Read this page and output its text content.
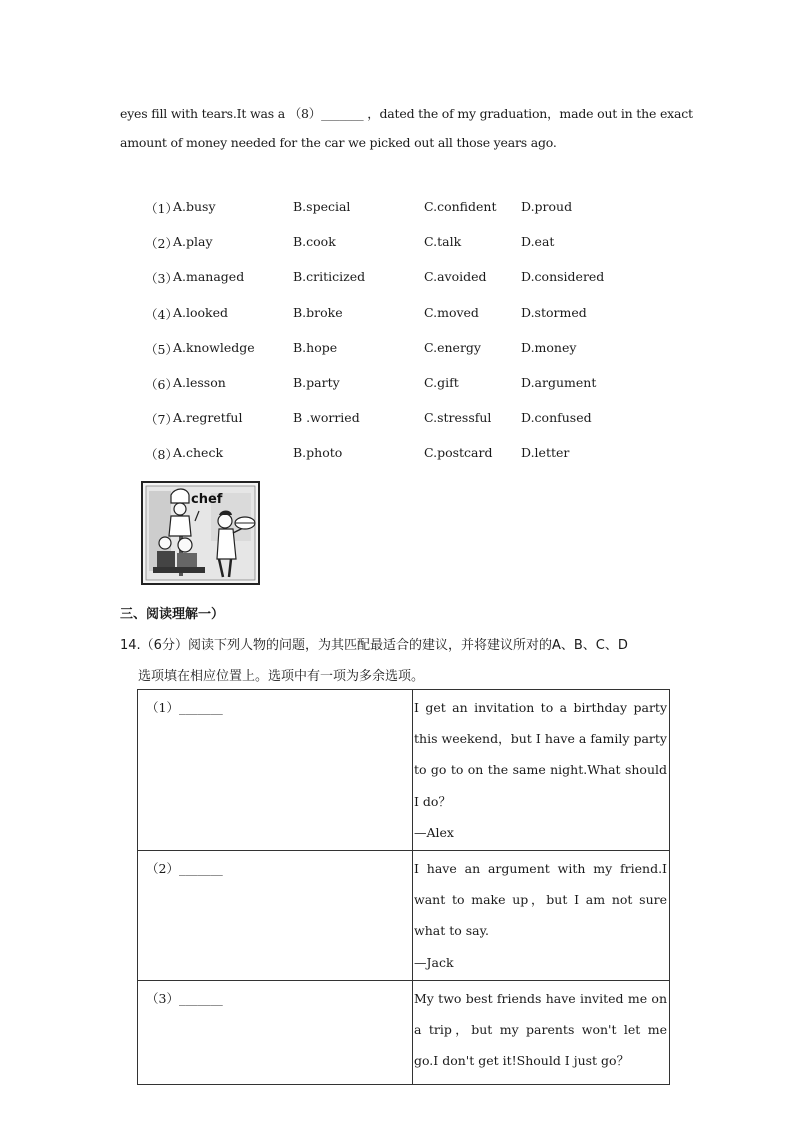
eyes fill with tears.It was a （8）_______ ，dated the of my graduation，made out in the exact
amount of money needed for the car we picked out all those years ago.
（1）
A.busy	B.special	C.confident D.proud
（2）
A.play	B.cook	C.talk	D.eat
（3）
A.managed	B.criticized	C.avoided	D.considered
（4）
A.looked	B.broke	C.moved	D.stormed
（5）
A.knowledge	B.hope	C.energy	D.money
（6）
A.lesson	B.party	C.gift	D.argument
（7）
A.regretful	B .worried	C.stressful D.confused
（8）
A.check	B.photo	C.postcard D.letter
chef
三、阅读理解一）
14.（6分）阅读下列人物的问题，为其匹配最适合的建议，并将建议所对的A、B、C、D
选项填在相应位置上。选项中有一项为多余选项。
（1）_______	I get an invitation to a birthday party this weekend，but I have a family party to go to on the same night.What should I do？
—Alex

（2）_______	I have an argument with my friend.I want to make up，but I am not sure what to say.
—Jack

（3）_______	My two best friends have invited me on a trip，but my parents won't let me go.I don't get it!Should I just go？
